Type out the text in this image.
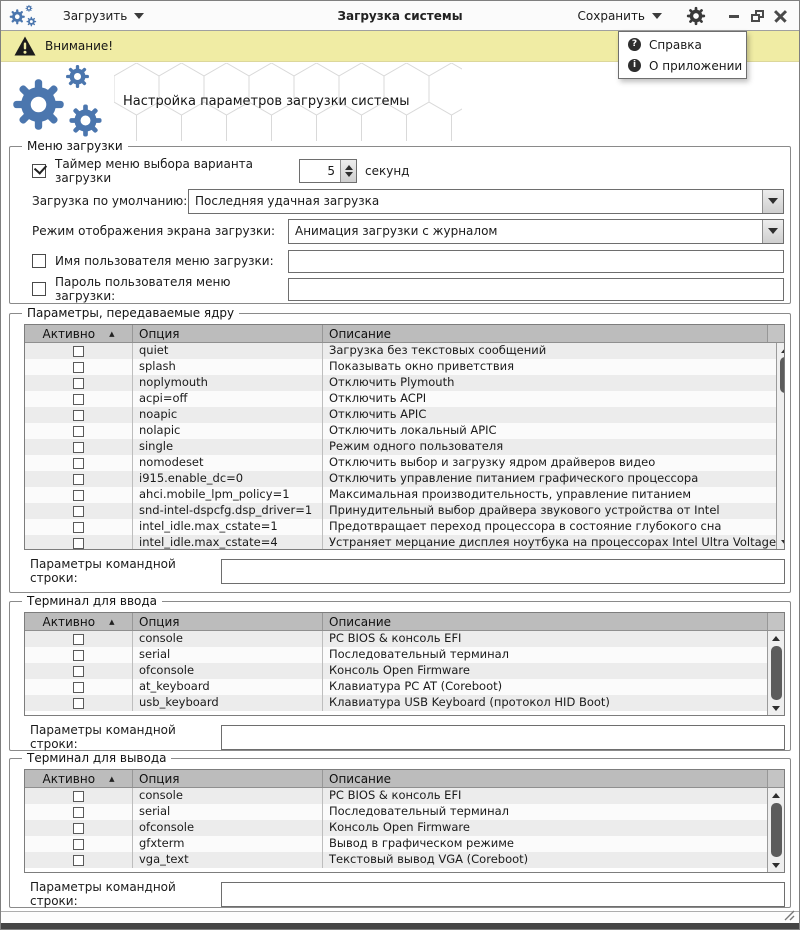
Загрузить	Загрузка системы	Сохранить
? Справка
i	О приложении
Внимание!
Настройка параметров загрузки системы
Меню загрузки
Таймер меню выбора варианта загрузки	5	секунд
Загрузка по умолчанию: Последняя удачная загрузка
Режим отображения экрана загрузки:	Анимация загрузки с журналом
Имя пользователя меню загрузки:
Пароль пользователя меню загрузки:
Параметры, передаваемые ядру
Активно ▲	Опция	Описание
quiet	Загрузка без текстовых сообщений
splash	Показывать окно приветствия
noplymouth	Отключить Plymouth
acpi=off	Отключить ACPI
noapic	Отключить APIC
nolapic	Отключить локальный APIC
single	Режим одного пользователя
nomodeset	Отключить выбор и загрузку ядром драйверов видео
i915.enable_dc=0	Отключить управление питанием графического процессора
ahci.mobile_lpm_policy=1	Максимальная производительность, управление питанием
snd-intel-dspcfg.dsp_driver=1	Принудительный выбор драйвера звукового устройства от Intel
intel_idle.max_cstate=1	Предотвращает переход процессора в состояние глубокого сна
intel_idle.max_cstate=4	Устраняет мерцание дисплея ноутбука на процессорах Intel Ultra Voltage
Параметры командной строки:
Терминал для ввода
Активно ▲	Опция	Описание
console	PC BIOS & консоль EFI
serial	Последовательный терминал
ofconsole	Консоль Open Firmware
at_keyboard	Клавиатура PC AT (Coreboot)
usb_keyboard	Клавиатура USB Keyboard (протокол HID Boot)
Параметры командной строки:
Терминал для вывода
Активно ▲	Опция	Описание
console	PC BIOS & консоль EFI
serial	Последовательный терминал
ofconsole	Консоль Open Firmware
gfxterm	Вывод в графическом режиме
vga_text	Текстовый вывод VGA (Coreboot)
Параметры командной строки:
